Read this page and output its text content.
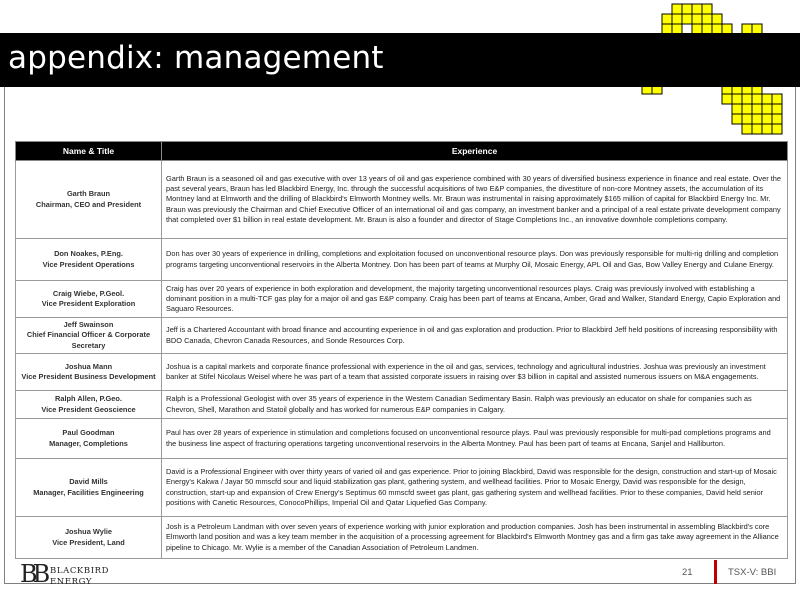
appendix: management
Name & Title	Experience

Garth Braun
Chairman, CEO and President	Garth Braun is a seasoned oil and gas executive with over 13 years of oil and gas experience combined with 30 years of diversified business experience in finance and real estate. Over the past several years, Braun has led Blackbird Energy, Inc. through the successful acquisitions of two E&P companies, the divestiture of non-core Montney assets, the accumulation of its Montney land at Elmworth and the drilling of Blackbird's Elmworth Montney wells. Mr. Braun was instrumental in raising approximately $165 million of capital for Blackbird Energy Inc. Mr. Braun was previously the Chairman and Chief Executive Officer of an international oil and gas company, an investment banker and a principal of a real estate private development company that completed over $1 billion in real estate development. Mr. Braun is also a founder and director of Stage Completions Inc., an innovative downhole completions company.

Don Noakes, P.Eng.
Vice President Operations	Don has over 30 years of experience in drilling, completions and exploitation focused on unconventional resource plays. Don was previously responsible for multi-rig drilling and completion programs targeting unconventional reservoirs in the Alberta Montney. Don has been part of teams at Murphy Oil, Mosaic Energy, APL Oil and Gas, Bow Valley Energy and Culane Energy.

Craig Wiebe, P.Geol.
Vice President Exploration	Craig has over 20 years of experience in both exploration and development, the majority targeting unconventional resources plays. Craig was previously involved with establishing a dominant position in a multi-TCF gas play for a major oil and gas E&P company. Craig has been part of teams at Encana, Amber, Grad and Walker, Standard Energy, Capio Exploration and Saguaro Resources.

Jeff Swainson
Chief Financial Officer & Corporate Secretary	Jeff is a Chartered Accountant with broad finance and accounting experience in oil and gas exploration and production. Prior to Blackbird Jeff held positions of increasing responsibility with BDO Canada, Chevron Canada Resources, and Sonde Resources Corp.

Joshua Mann
Vice President Business Development	Joshua is a capital markets and corporate finance professional with experience in the oil and gas, services, technology and agricultural industries. Joshua was previously an investment banker at Stifel Nicolaus Weisel where he was part of a team that assisted corporate issuers in raising over $3 billion in capital and assisted numerous issuers on M&A engagements.

Ralph Allen, P.Geo.
Vice President Geoscience	Ralph is a Professional Geologist with over 35 years of experience in the Western Canadian Sedimentary Basin. Ralph was previously an educator on shale for companies such as Chevron, Shell, Marathon and Statoil globally and has worked for numerous E&P companies in Calgary.

Paul Goodman
Manager, Completions	Paul has over 28 years of experience in stimulation and completions focused on unconventional resource plays. Paul was previously responsible for multi-pad completions programs and the business line aspect of fracturing operations targeting unconventional reservoirs in the Alberta Montney. Paul has been part of teams at Encana, Sanjel and Halliburton.

David Mills
Manager, Facilities Engineering	David is a Professional Engineer with over thirty years of varied oil and gas experience. Prior to joining Blackbird, David was responsible for the design, construction and start-up of Mosaic Energy's Kakwa / Jayar 50 mmscfd sour and liquid stabilization gas plant, gathering system, and wellhead facilities. Prior to Mosaic Energy, David was responsible for the design, construction, start-up and expansion of Crew Energy's Septimus 60 mmscfd sweet gas plant, gas gathering system and wellhead facilities. Prior to these companies, David held senior positions with Canetic Resources, ConocoPhillips, Imperial Oil and Qatar Liquefied Gas Company.

Joshua Wylie
Vice President, Land	Josh is a Petroleum Landman with over seven years of experience working with junior exploration and production companies. Josh has been instrumental in assembling Blackbird's core Elmworth land position and was a key team member in the acquisition of a processing agreement for Blackbird's Elmworth Montney gas and a firm gas take away agreement in the Alliance pipeline to Chicago. Mr. Wylie is a member of the Canadian Association of Petroleum Landmen.
BB BLACKBIRD
ENERGY
21	TSX-V: BBI
